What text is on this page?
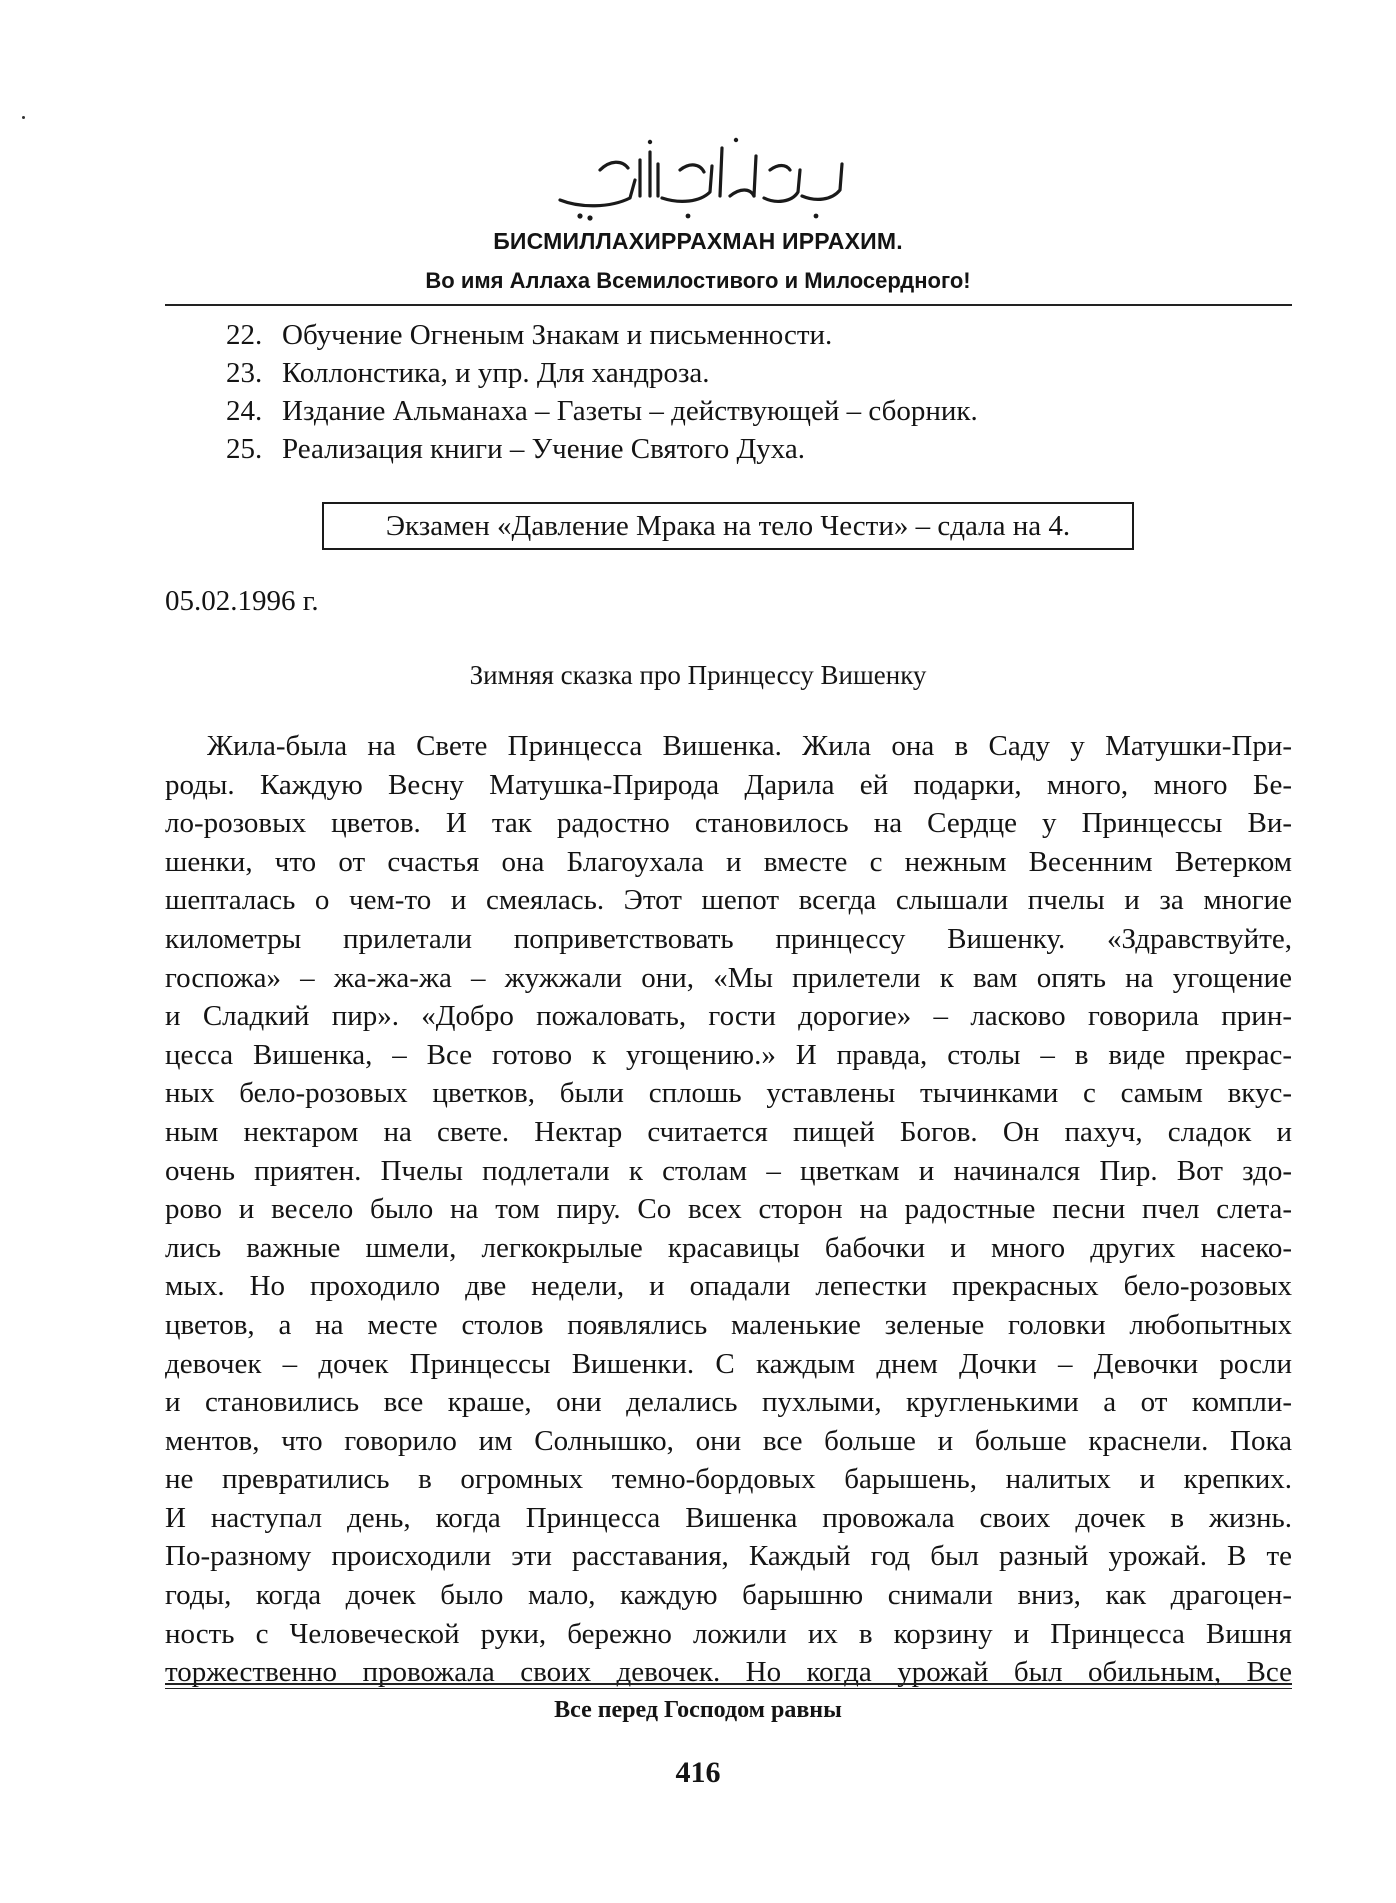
БИСМИЛЛАХИРРАХМАН ИРРАХИМ.
Во имя Аллаха Всемилостивого и Милосердного!
22. Обучение Огненым Знакам и письменности.
23. Коллонстика, и упр. Для хандроза.
24. Издание Альманаха – Газеты – действующей – сборник.
25. Реализация книги – Учение Святого Духа.
Экзамен «Давление Мрака на тело Чести» – сдала на 4.
05.02.1996 г.
Зимняя сказка про Принцессу Вишенку
Жила-была на Свете Принцесса Вишенка. Жила она в Саду у Матушки-При-
роды. Каждую Весну Матушка-Природа Дарила ей подарки, много, много Бе-
ло-розовых цветов. И так радостно становилось на Сердце у Принцессы Ви-
шенки, что от счастья она Благоухала и вместе с нежным Весенним Ветерком
шепталась о чем-то и смеялась. Этот шепот всегда слышали пчелы и за многие
километры прилетали поприветствовать принцессу Вишенку. «Здравствуйте,
госпожа» – жа-жа-жа – жужжали они, «Мы прилетели к вам опять на угощение
и Сладкий пир». «Добро пожаловать, гости дорогие» – ласково говорила прин-
цесса Вишенка, – Все готово к угощению.» И правда, столы – в виде прекрас-
ных бело-розовых цветков, были сплошь уставлены тычинками с самым вкус-
ным нектаром на свете. Нектар считается пищей Богов. Он пахуч, сладок и
очень приятен. Пчелы подлетали к столам – цветкам и начинался Пир. Вот здо-
рово и весело было на том пиру. Со всех сторон на радостные песни пчел слета-
лись важные шмели, легкокрылые красавицы бабочки и много других насеко-
мых. Но проходило две недели, и опадали лепестки прекрасных бело-розовых
цветов, а на месте столов появлялись маленькие зеленые головки любопытных
девочек – дочек Принцессы Вишенки. С каждым днем Дочки – Девочки росли
и становились все краше, они делались пухлыми, кругленькими а от компли-
ментов, что говорило им Солнышко, они все больше и больше краснели. Пока
не превратились в огромных темно-бордовых барышень, налитых и крепких.
И наступал день, когда Принцесса Вишенка провожала своих дочек в жизнь.
По-разному происходили эти расставания, Каждый год был разный урожай. В те
годы, когда дочек было мало, каждую барышню снимали вниз, как драгоцен-
ность с Человеческой руки, бережно ложили их в корзину и Принцесса Вишня
торжественно провожала своих девочек. Но когда урожай был обильным, Все
Все перед Господом равны
416
